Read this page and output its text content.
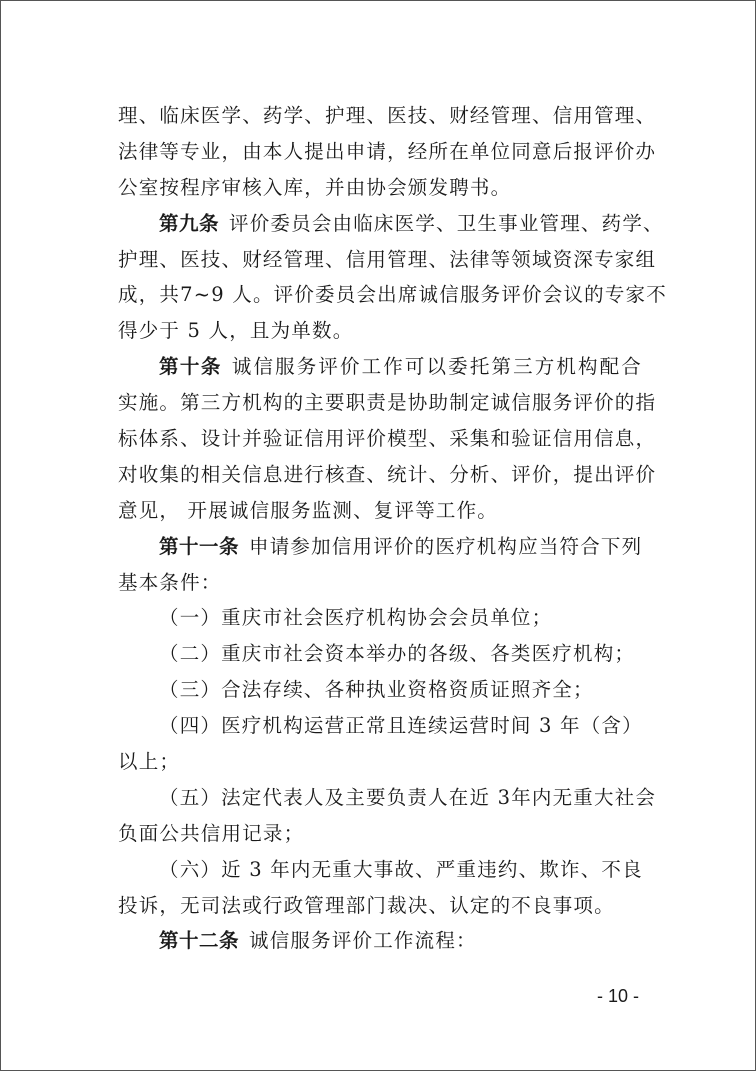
理、临床医学、药学、护理、医技、财经管理、信用管理、
法律等专业，由本人提出申请，经所在单位同意后报评价办
公室按程序审核入库，并由协会颁发聘书。
第九条 评价委员会由临床医学、卫生事业管理、药学、
护理、医技、财经管理、信用管理、法律等领域资深专家组
成，共7~9 人。评价委员会出席诚信服务评价会议的专家不
得少于 5 人，且为单数。
第十条 诚信服务评价工作可以委托第三方机构配合
实施。第三方机构的主要职责是协助制定诚信服务评价的指
标体系、设计并验证信用评价模型、采集和验证信用信息，
对收集的相关信息进行核查、统计、分析、评价，提出评价
意见， 开展诚信服务监测、复评等工作。
第十一条 申请参加信用评价的医疗机构应当符合下列
基本条件：
（一）重庆市社会医疗机构协会会员单位；
（二）重庆市社会资本举办的各级、各类医疗机构；
（三）合法存续、各种执业资格资质证照齐全；
（四）医疗机构运营正常且连续运营时间 3 年（含）
以上；
（五）法定代表人及主要负责人在近 3年内无重大社会
负面公共信用记录；
（六）近 3 年内无重大事故、严重违约、欺诈、不良
投诉，无司法或行政管理部门裁决、认定的不良事项。
第十二条 诚信服务评价工作流程：
- 10 -
